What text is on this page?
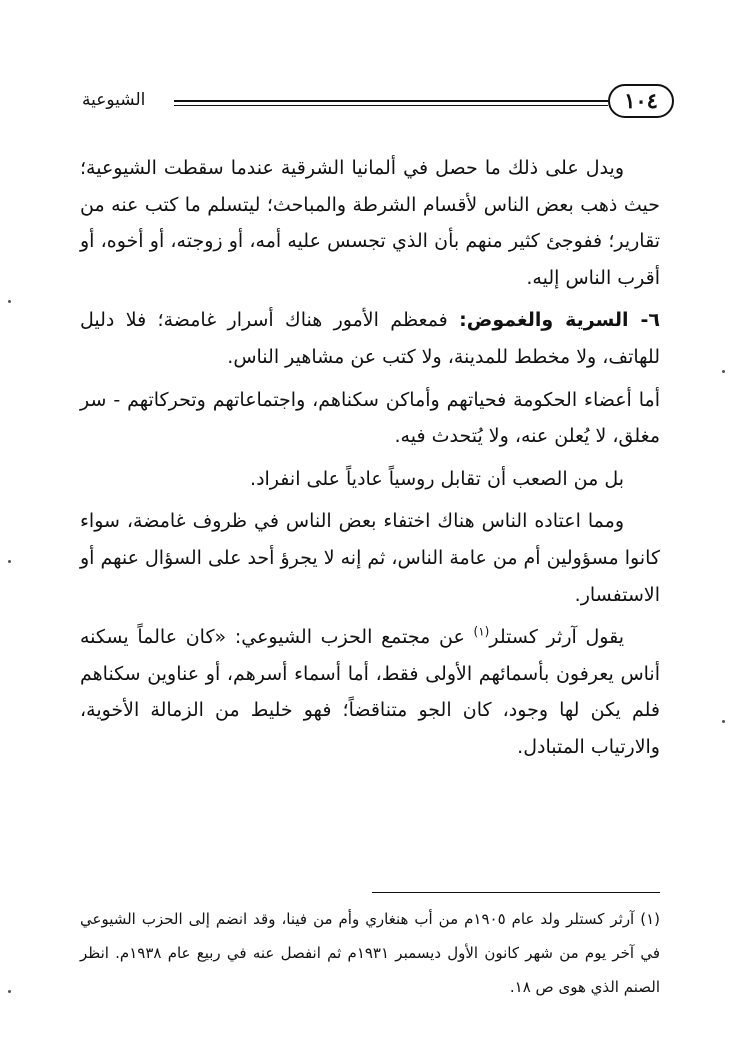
١٠٤
الشيوعية

ويدل على ذلك ما حصل في ألمانيا الشرقية عندما سقطت الشيوعية؛ حيث ذهب بعض الناس لأقسام الشرطة والمباحث؛ ليتسلم ما كتب عنه من تقارير؛ ففوجئ كثير منهم بأن الذي تجسس عليه أمه، أو زوجته، أو أخوه، أو أقرب الناس إليه.

٦- السرية والغموض: فمعظم الأمور هناك أسرار غامضة؛ فلا دليل للهاتف، ولا مخطط للمدينة، ولا كتب عن مشاهير الناس.

أما أعضاء الحكومة فحياتهم وأماكن سكناهم، واجتماعاتهم وتحركاتهم - سر مغلق، لا يُعلن عنه، ولا يُتحدث فيه.

بل من الصعب أن تقابل روسياً عادياً على انفراد.

ومما اعتاده الناس هناك اختفاء بعض الناس في ظروف غامضة، سواء كانوا مسؤولين أم من عامة الناس، ثم إنه لا يجرؤ أحد على السؤال عنهم أو الاستفسار.

يقول آرثر كستلر$^{(١)}$ عن مجتمع الحزب الشيوعي: «كان عالماً يسكنه أناس يعرفون بأسمائهم الأولى فقط، أما أسماء أسرهم، أو عناوين سكناهم فلم يكن لها وجود، كان الجو متناقضاً؛ فهو خليط من الزمالة الأخوية، والارتياب المتبادل.

(١) آرثر كستلر ولد عام ١٩٠٥م من أب هنغاري وأم من فينا، وقد انضم إلى الحزب الشيوعي في آخر يوم من شهر كانون الأول ديسمبر ١٩٣١م ثم انفصل عنه في ربيع عام ١٩٣٨م. انظر الصنم الذي هوى ص ١٨.
